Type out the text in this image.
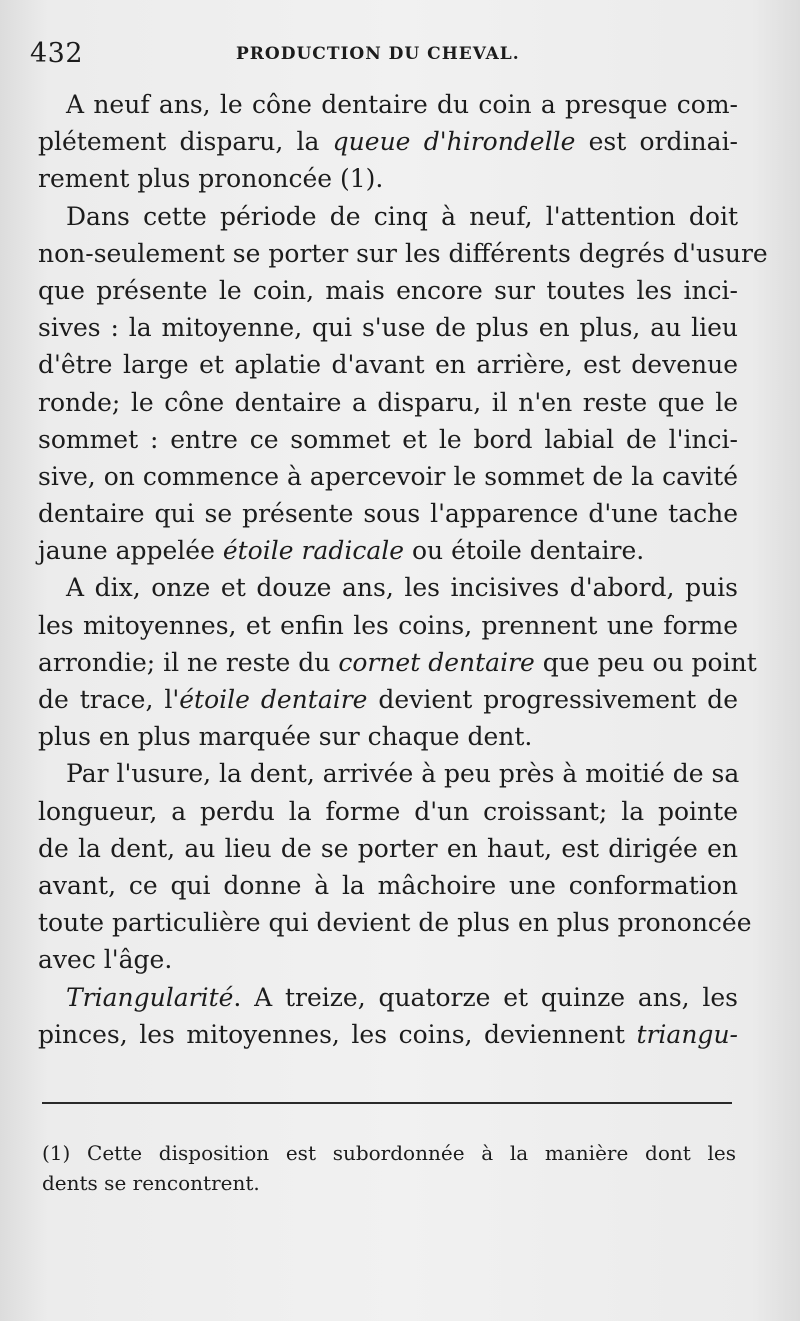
432	PRODUCTION DU CHEVAL.
A neuf ans, le cône dentaire du coin a presque com-
plétement disparu, la queue d'hirondelle est ordinai-
rement plus prononcée (1).
Dans cette période de cinq à neuf, l'attention doit
non-seulement se porter sur les différents degrés d'usure
que présente le coin, mais encore sur toutes les inci-
sives : la mitoyenne, qui s'use de plus en plus, au lieu
d'être large et aplatie d'avant en arrière, est devenue
ronde; le cône dentaire a disparu, il n'en reste que le
sommet : entre ce sommet et le bord labial de l'inci-
sive, on commence à apercevoir le sommet de la cavité
dentaire qui se présente sous l'apparence d'une tache
jaune appelée étoile radicale ou étoile dentaire.
A dix, onze et douze ans, les incisives d'abord, puis
les mitoyennes, et enfin les coins, prennent une forme
arrondie; il ne reste du cornet dentaire que peu ou point
de trace, l'étoile dentaire devient progressivement de
plus en plus marquée sur chaque dent.
Par l'usure, la dent, arrivée à peu près à moitié de sa
longueur, a perdu la forme d'un croissant; la pointe
de la dent, au lieu de se porter en haut, est dirigée en
avant, ce qui donne à la mâchoire une conformation
toute particulière qui devient de plus en plus prononcée
avec l'âge.
Triangularité. A treize, quatorze et quinze ans, les
pinces, les mitoyennes, les coins, deviennent triangu-
(1) Cette disposition est subordonnée à la manière dont les
dents se rencontrent.
